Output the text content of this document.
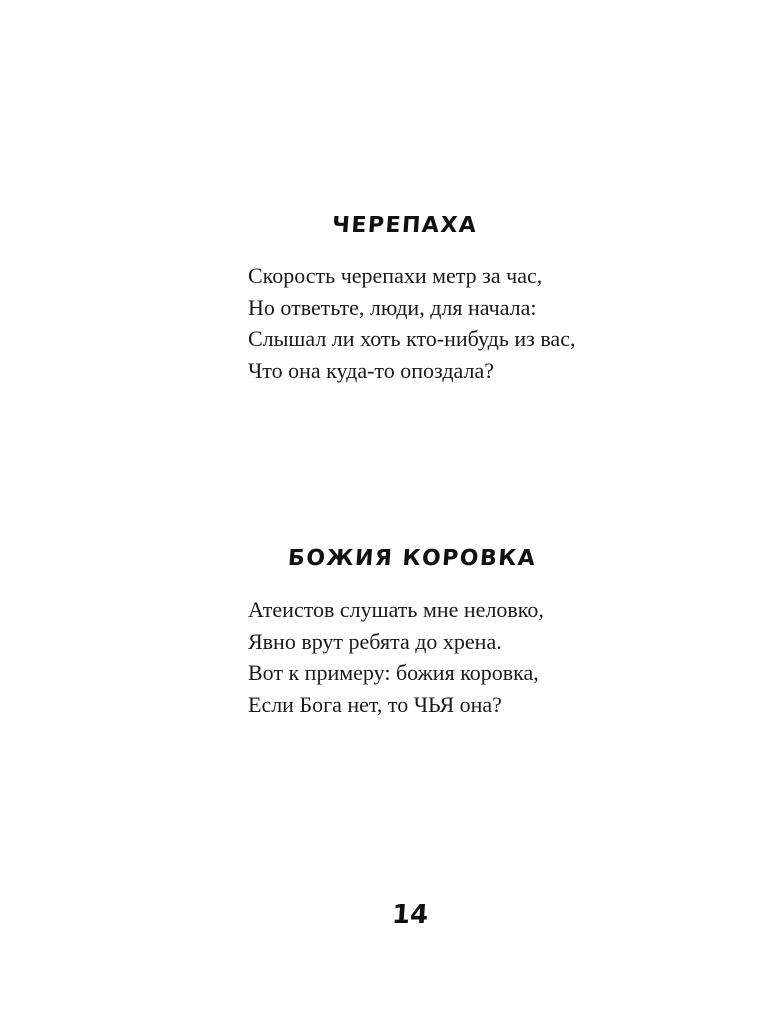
ЧЕРЕПАХА
Скорость черепахи метр за час,
Но ответьте, люди, для начала:
Слышал ли хоть кто-нибудь из вас,
Что она куда-то опоздала?
БОЖИЯ КОРОВКА
Атеистов слушать мне неловко,
Явно врут ребята до хрена.
Вот к примеру: божия коровка,
Если Бога нет, то ЧЬЯ она?
14
